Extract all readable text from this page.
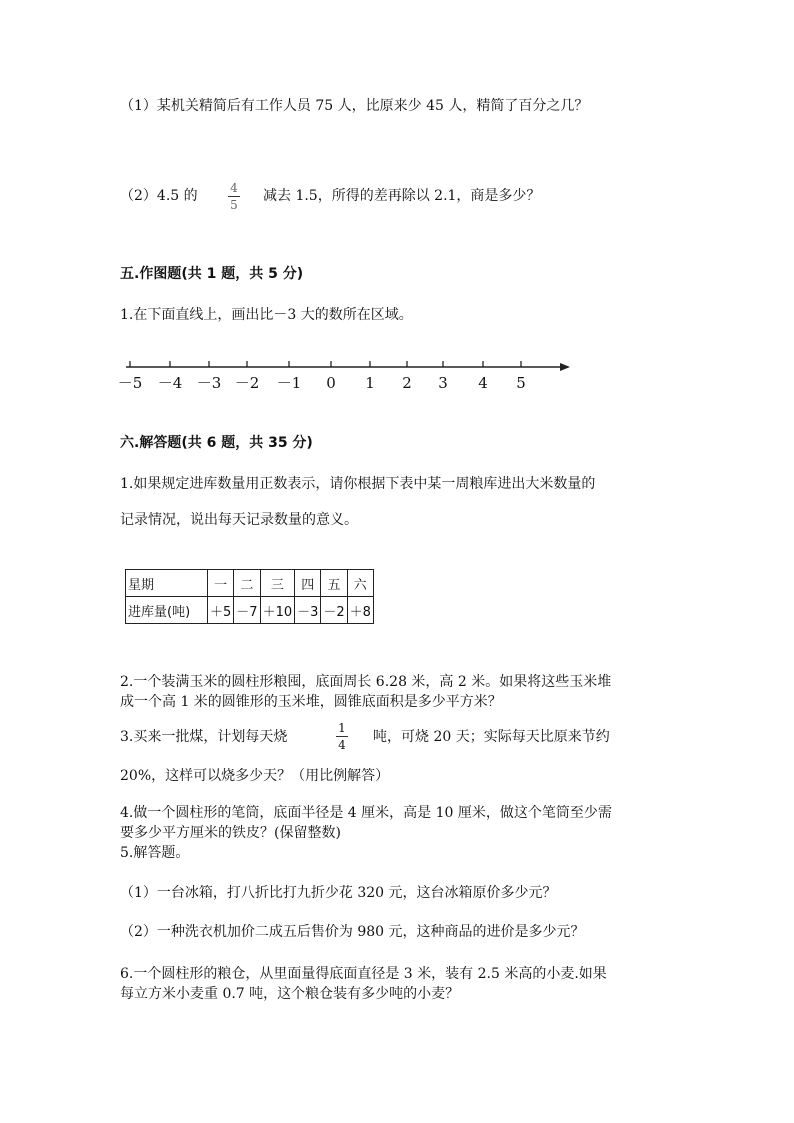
（1）某机关精简后有工作人员 75 人，比原来少 45 人，精简了百分之几？
（2）4.5 的	4
5
减去 1.5，所得的差再除以 2.1，商是多少？
五.作图题(共 1 题，共 5 分)
1.在下面直线上，画出比－3 大的数所在区域。
－5 －4 －3 －2 －1 0 1 2 3 4 5
六.解答题(共 6 题，共 35 分)
1.如果规定进库数量用正数表示，请你根据下表中某一周粮库进出大米数量的
记录情况，说出每天记录数量的意义。
星期	一	二	三	四	五	六
进库量(吨)	＋5	－7	＋10	－3	－2	＋8
2.一个装满玉米的圆柱形粮囤，底面周长 6.28 米，高 2 米。如果将这些玉米堆
成一个高 1 米的圆锥形的玉米堆，圆锥底面积是多少平方米？
3.买来一批煤，计划每天烧
1
4 吨，可烧 20 天；实际每天比原来节约
20%，这样可以烧多少天？（用比例解答）
4.做一个圆柱形的笔筒，底面半径是 4 厘米，高是 10 厘米，做这个笔筒至少需
要多少平方厘米的铁皮？(保留整数)
5.解答题。
（1）一台冰箱，打八折比打九折少花 320 元，这台冰箱原价多少元？
（2）一种洗衣机加价二成五后售价为 980 元，这种商品的进价是多少元？
6.一个圆柱形的粮仓，从里面量得底面直径是 3 米，装有 2.5 米高的小麦.如果
每立方米小麦重 0.7 吨，这个粮仓装有多少吨的小麦？
